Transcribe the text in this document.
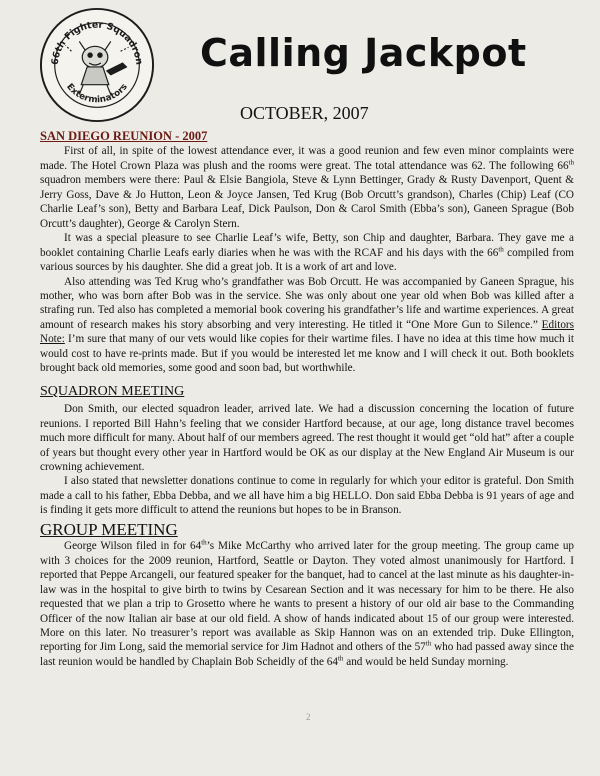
66th Fighter Squadron
Exterminators
Calling Jackpot
OCTOBER, 2007

SAN DIEGO REUNION - 2007

First of all, in spite of the lowest attendance ever, it was a good reunion and few even minor complaints were made. The Hotel Crown Plaza was plush and the rooms were great. The total attendance was 62. The following 66th squadron members were there: Paul & Elsie Bangiola, Steve & Lynn Bettinger, Grady & Rusty Davenport, Quent & Jerry Goss, Dave & Jo Hutton, Leon & Joyce Jansen, Ted Krug (Bob Orcutt’s grandson), Charles (Chip) Leaf (CO Charlie Leaf’s son), Betty and Barbara Leaf, Dick Paulson, Don & Carol Smith (Ebba’s son), Ganeen Sprague (Bob Orcutt’s daughter), George & Carolyn Stern.

It was a special pleasure to see Charlie Leaf’s wife, Betty, son Chip and daughter, Barbara. They gave me a booklet containing Charlie Leafs early diaries when he was with the RCAF and his days with the 66th compiled from various sources by his daughter. She did a great job. It is a work of art and love.

Also attending was Ted Krug who’s grandfather was Bob Orcutt. He was accompanied by Ganeen Sprague, his mother, who was born after Bob was in the service. She was only about one year old when Bob was killed after a strafing run. Ted also has completed a memorial book covering his grandfather’s life and wartime experiences. A great amount of research makes his story absorbing and very interesting. He titled it “One More Gun to Silence.” Editors Note: I’m sure that many of our vets would like copies for their wartime files. I have no idea at this time how much it would cost to have re-prints made. But if you would be interested let me know and I will check it out. Both booklets brought back old memories, some good and soon bad, but worthwhile.

SQUADRON MEETING

Don Smith, our elected squadron leader, arrived late. We had a discussion concerning the location of future reunions. I reported Bill Hahn’s feeling that we consider Hartford because, at our age, long distance travel becomes much more difficult for many. About half of our members agreed. The rest thought it would get “old hat” after a couple of years but thought every other year in Hartford would be OK as our display at the New England Air Museum is our crowning achievement.

I also stated that newsletter donations continue to come in regularly for which your editor is grateful. Don Smith made a call to his father, Ebba Debba, and we all have him a big HELLO. Don said Ebba Debba is 91 years of age and is finding it gets more difficult to attend the reunions but hopes to be in Branson.

GROUP MEETING

George Wilson filed in for 64th’s Mike McCarthy who arrived later for the group meeting. The group came up with 3 choices for the 2009 reunion, Hartford, Seattle or Dayton. They voted almost unanimously for Hartford. I reported that Peppe Arcangeli, our featured speaker for the banquet, had to cancel at the last minute as his daughter-in-law was in the hospital to give birth to twins by Cesarean Section and it was necessary for him to be there. He also requested that we plan a trip to Grosetto where he wants to present a history of our old air base to the Commanding Officer of the now Italian air base at our old field. A show of hands indicated about 15 of our group were interested. More on this later. No treasurer’s report was available as Skip Hannon was on an extended trip. Duke Ellington, reporting for Jim Long, said the memorial service for Jim Hadnot and others of the 57th who had passed away since the last reunion would be handled by Chaplain Bob Scheidly of the 64th and would be held Sunday morning.

2
